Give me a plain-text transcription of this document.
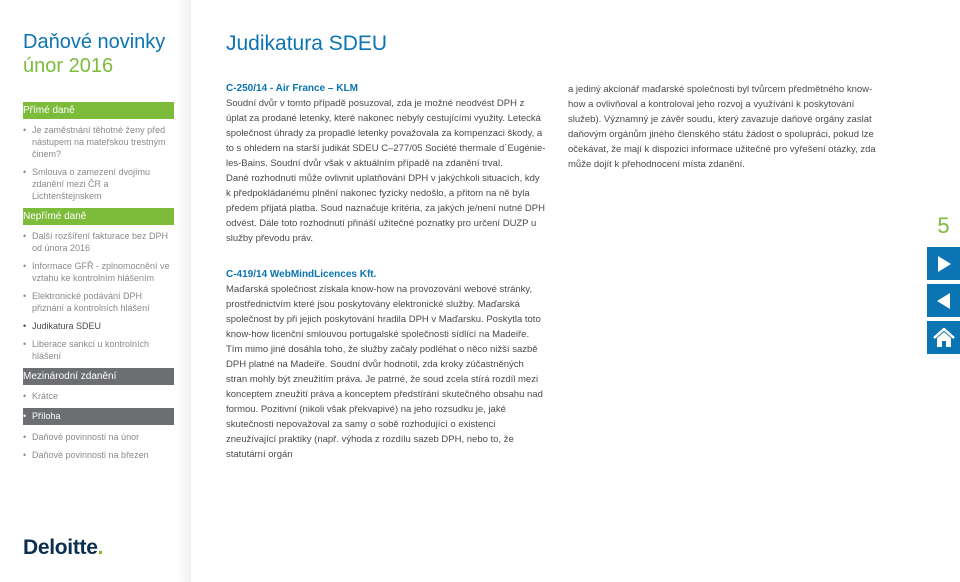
Daňové novinky
únor 2016
Přímé daně
• Je zaměstnání těhotné ženy před nástupem na mateřskou trestným činem?
• Smlouva o zamezení dvojímu zdanění mezi ČR a Lichtenštejnskem
Nepřímé daně
• Další rozšíření fakturace bez DPH od února 2016
• Informace GFŘ - zplnomocnění ve vztahu ke kontrolním hlášením
• Elektronické podávání DPH přiznání a kontrolních hlášení
• Judikatura SDEU
• Liberace sankcí u kontrolních hlášení
Mezinárodní zdanění
• Krátce
• Příloha
• Daňové povinnosti na únor
• Daňové povinnosti na březen
Deloitte.
Judikatura SDEU
C-250/14 - Air France – KLM
Soudní dvůr v tomto případě posuzoval, zda je možné neodvést DPH z úplat za prodané letenky, které nakonec nebyly cestujícími využity. Letecká společnost úhrady za propadlé letenky považovala za kompenzaci škody, a to s ohledem na starší judikát SDEU C–277/05 Société thermale d´Eugénie-les-Bains. Soudní dvůr však v aktuálním případě na zdanění trval.
Dané rozhodnutí může ovlivnit uplatňování DPH v jakýchkoli situacích, kdy k předpokládanému plnění nakonec fyzicky nedošlo, a přitom na ně byla předem přijatá platba. Soud naznačuje kritéria, za jakých je/není nutné DPH odvést. Dále toto rozhodnutí přináší užitečné poznatky pro určení DUZP u služby převodu práv.
C-419/14 WebMindLicences Kft.
Maďarská společnost získala know-how na provozování webové stránky, prostřednictvím které jsou poskytovány elektronické služby. Maďarská společnost by při jejich poskytování hradila DPH v Maďarsku. Poskytla toto know-how licenční smlouvou portugalské společnosti sídlící na Madeiře. Tím mimo jiné dosáhla toho, že služby začaly podléhat o něco nižší sazbě DPH platné na Madeiře. Soudní dvůr hodnotil, zda kroky zúčastněných stran mohly být zneužitím práva. Je patrné, že soud zcela stírá rozdíl mezi konceptem zneužití práva a konceptem předstírání skutečného obsahu nad formou. Pozitivní (nikoli však překvapivé) na jeho rozsudku je, jaké skutečnosti nepovažoval za samy o sobě rozhodující o existenci zneužívající praktiky (např. výhoda z rozdílu sazeb DPH, nebo to, že statutární orgán
a jediný akcionář maďarské společnosti byl tvůrcem předmětného know-how a ovlivňoval a kontroloval jeho rozvoj a využívání k poskytování služeb). Významný je závěr soudu, který zavazuje daňové orgány zaslat daňovým orgánům jiného členského státu žádost o spolupráci, pokud lze očekávat, že mají k dispozici informace užitečné pro vyřešení otázky, zda může dojít k přehodnocení místa zdanění.
5
